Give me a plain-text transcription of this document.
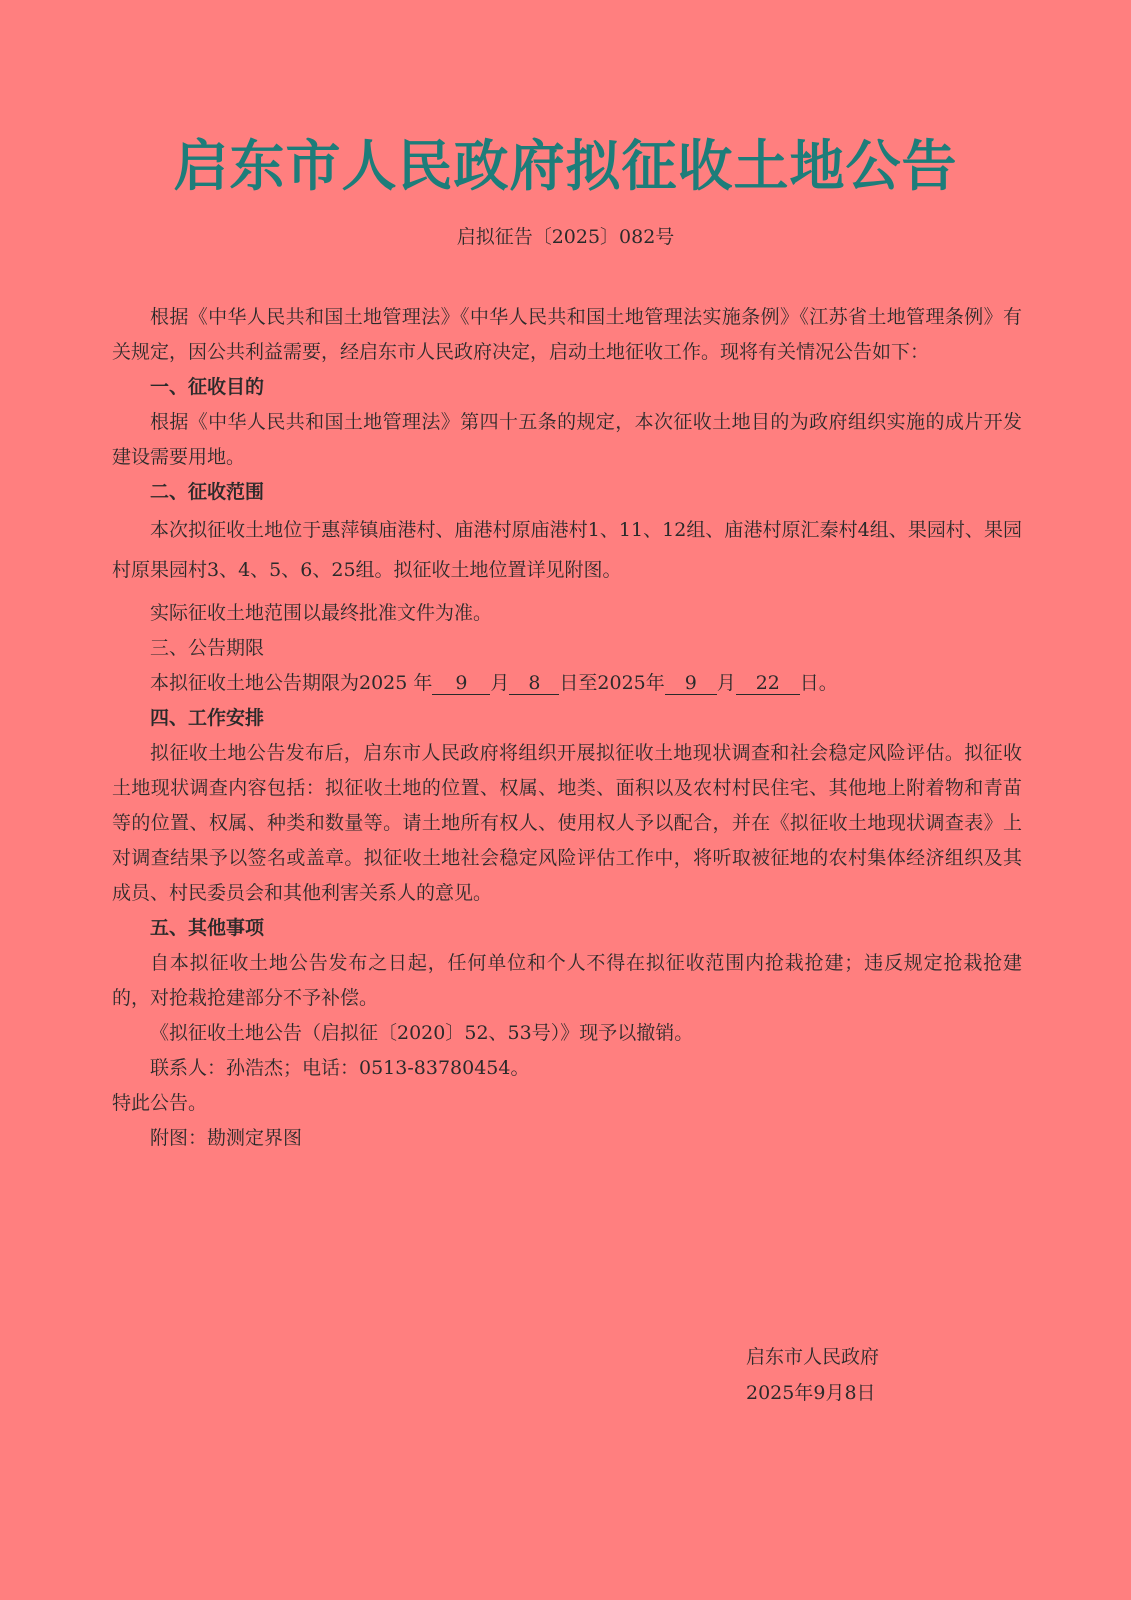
启东市人民政府拟征收土地公告
启拟征告〔2025〕082号

根据《中华人民共和国土地管理法》《中华人民共和国土地管理法实施条例》《江苏省土地管理条例》有关规定，因公共利益需要，经启东市人民政府决定，启动土地征收工作。现将有关情况公告如下：

一、征收目的

根据《中华人民共和国土地管理法》第四十五条的规定，本次征收土地目的为政府组织实施的成片开发建设需要用地。

二、征收范围

本次拟征收土地位于惠萍镇庙港村、庙港村原庙港村1、11、12组、庙港村原汇秦村4组、果园村、果园村原果园村3、4、5、6、25组。拟征收土地位置详见附图。

实际征收土地范围以最终批准文件为准。

三、公告期限

本拟征收土地公告期限为2025 年 9 月 8 日至2025年 9 月 22 日。

四、工作安排

拟征收土地公告发布后，启东市人民政府将组织开展拟征收土地现状调查和社会稳定风险评估。拟征收土地现状调查内容包括：拟征收土地的位置、权属、地类、面积以及农村村民住宅、其他地上附着物和青苗等的位置、权属、种类和数量等。请土地所有权人、使用权人予以配合，并在《拟征收土地现状调查表》上对调查结果予以签名或盖章。拟征收土地社会稳定风险评估工作中，将听取被征地的农村集体经济组织及其成员、村民委员会和其他利害关系人的意见。

五、其他事项

自本拟征收土地公告发布之日起，任何单位和个人不得在拟征收范围内抢栽抢建；违反规定抢栽抢建的，对抢栽抢建部分不予补偿。

《拟征收土地公告（启拟征〔2020〕52、53号）》现予以撤销。

联系人：孙浩杰；电话：0513-83780454。

特此公告。

附图：勘测定界图

启东市人民政府
2025年9月8日
